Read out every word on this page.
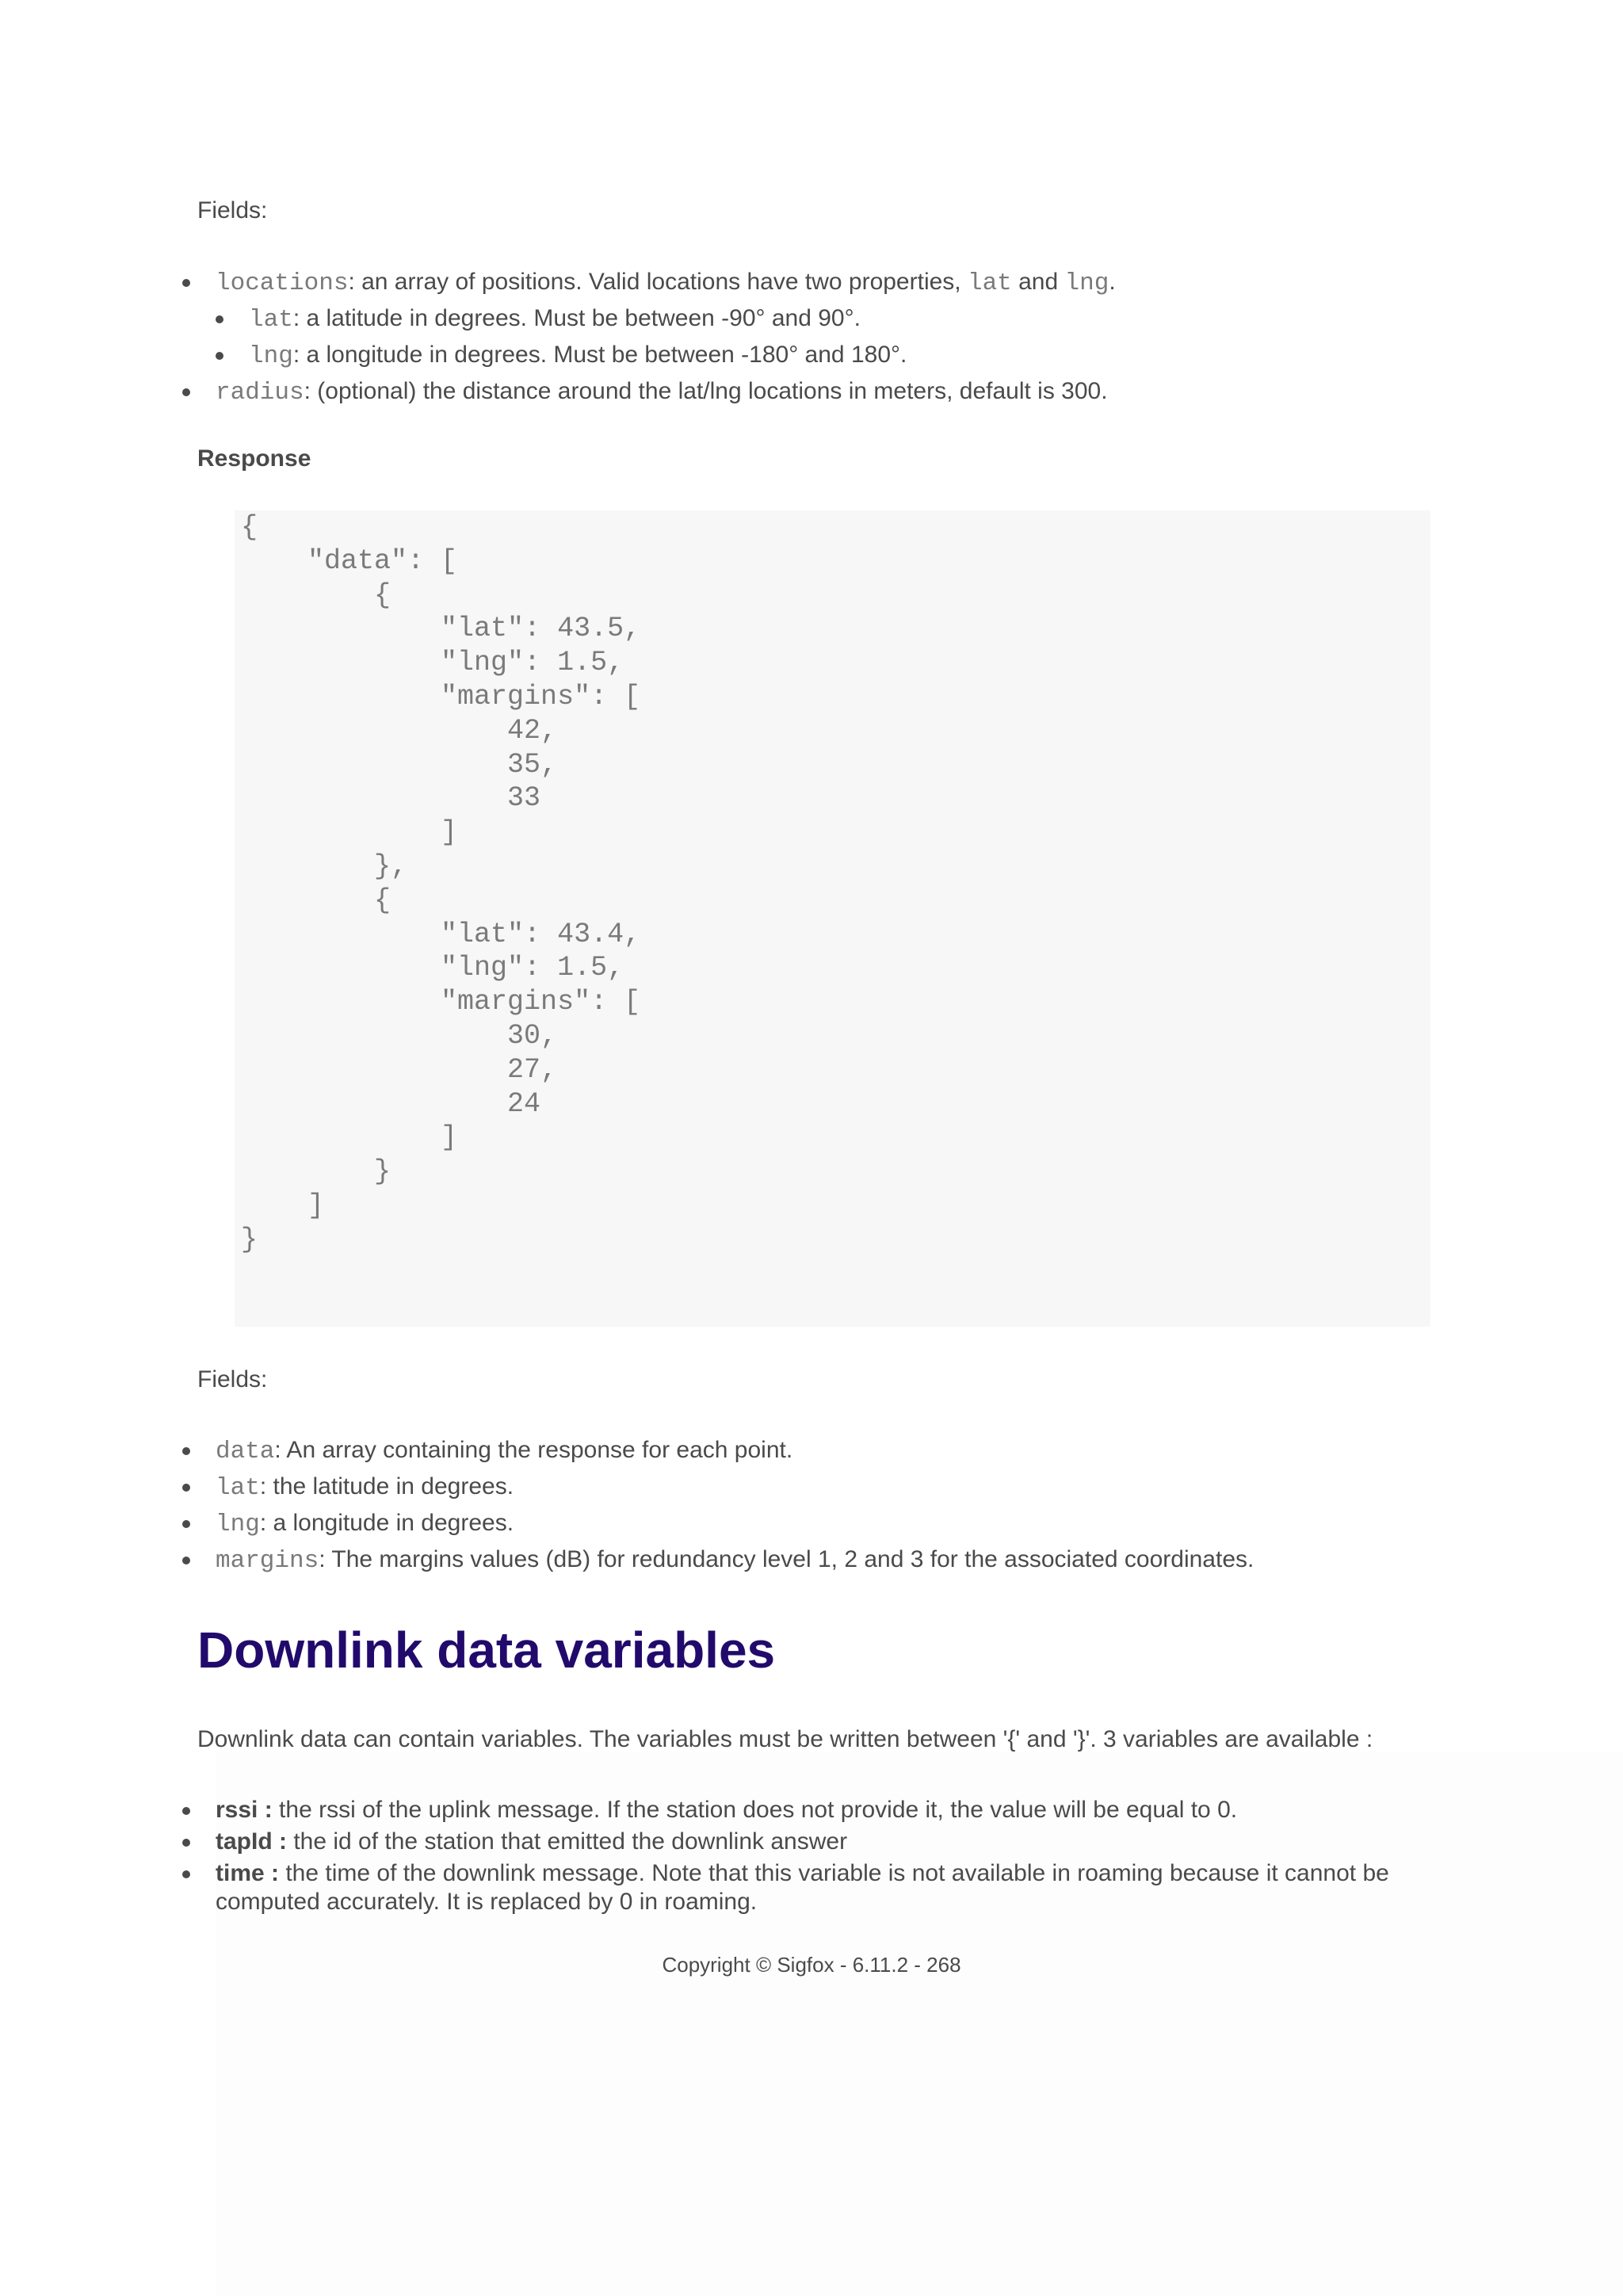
Fields:

locations: an array of positions. Valid locations have two properties, lat and lng.
lat: a latitude in degrees. Must be between -90° and 90°.
lng: a longitude in degrees. Must be between -180° and 180°.
radius: (optional) the distance around the lat/lng locations in meters, default is 300.

Response

{
"data": [
{
"lat": 43.5,
"lng": 1.5,
"margins": [
42,
35,
33
]
},
{
"lat": 43.4,
"lng": 1.5,
"margins": [
30,
27,
24
]
}
]
}

Fields:

data: An array containing the response for each point.
lat: the latitude in degrees.
lng: a longitude in degrees.
margins: The margins values (dB) for redundancy level 1, 2 and 3 for the associated coordinates.
Downlink data variables

Downlink data can contain variables. The variables must be written between '{' and '}'. 3 variables are available :

rssi : the rssi of the uplink message. If the station does not provide it, the value will be equal to 0.
tapId : the id of the station that emitted the downlink answer
time : the time of the downlink message. Note that this variable is not available in roaming because it cannot be computed accurately. It is replaced by 0 in roaming.
Copyright © Sigfox - 6.11.2 - 268
